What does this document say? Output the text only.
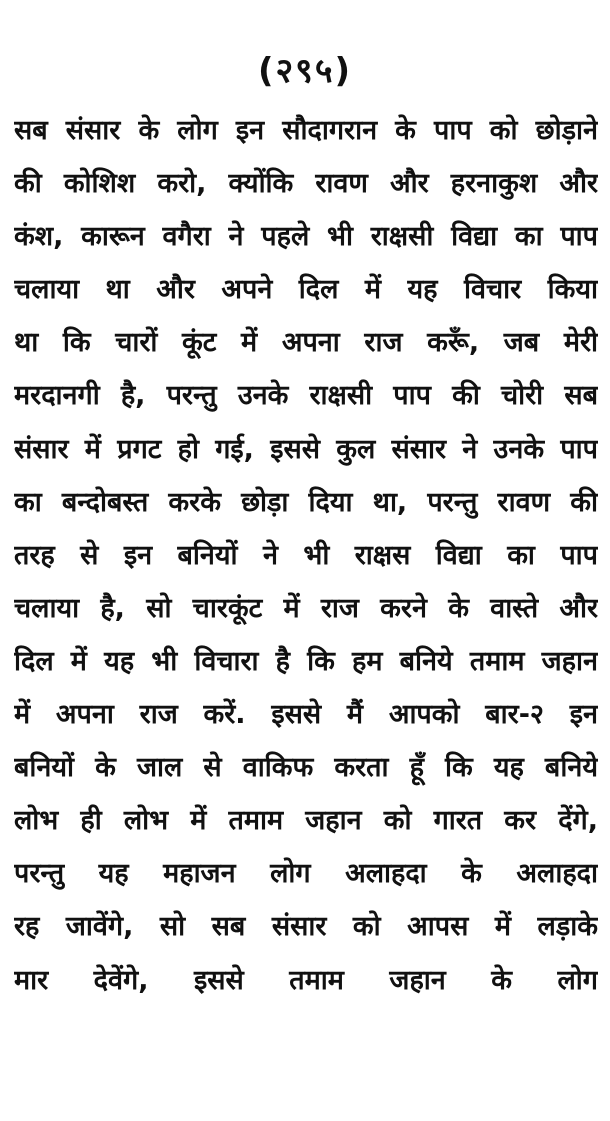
(२९५)
सब संसार के लोग इन सौदागरान के पाप को छोड़ाने
की कोशिश करो, क्योंकि रावण और हरनाकुश और
कंश, कारून वगैरा ने पहले भी राक्षसी विद्या का पाप
चलाया था और अपने दिल में यह विचार किया
था कि चारों कूंट में अपना राज करूँ, जब मेरी
मरदानगी है, परन्तु उनके राक्षसी पाप की चोरी सब
संसार में प्रगट हो गई, इससे कुल संसार ने उनके पाप
का बन्दोबस्त करके छोड़ा दिया था, परन्तु रावण की
तरह से इन बनियों ने भी राक्षस विद्या का पाप
चलाया है, सो चारकूंट में राज करने के वास्ते और
दिल में यह भी विचारा है कि हम बनिये तमाम जहान
में अपना राज करें. इससे मैं आपको बार-२ इन
बनियों के जाल से वाकिफ करता हूँ कि यह बनिये
लोभ ही लोभ में तमाम जहान को गारत कर देंगे,
परन्तु यह महाजन लोग अलाहदा के अलाहदा
रह जावेंगे, सो सब संसार को आपस में लड़ाके
मार देवेंगे, इससे तमाम जहान के लोग
